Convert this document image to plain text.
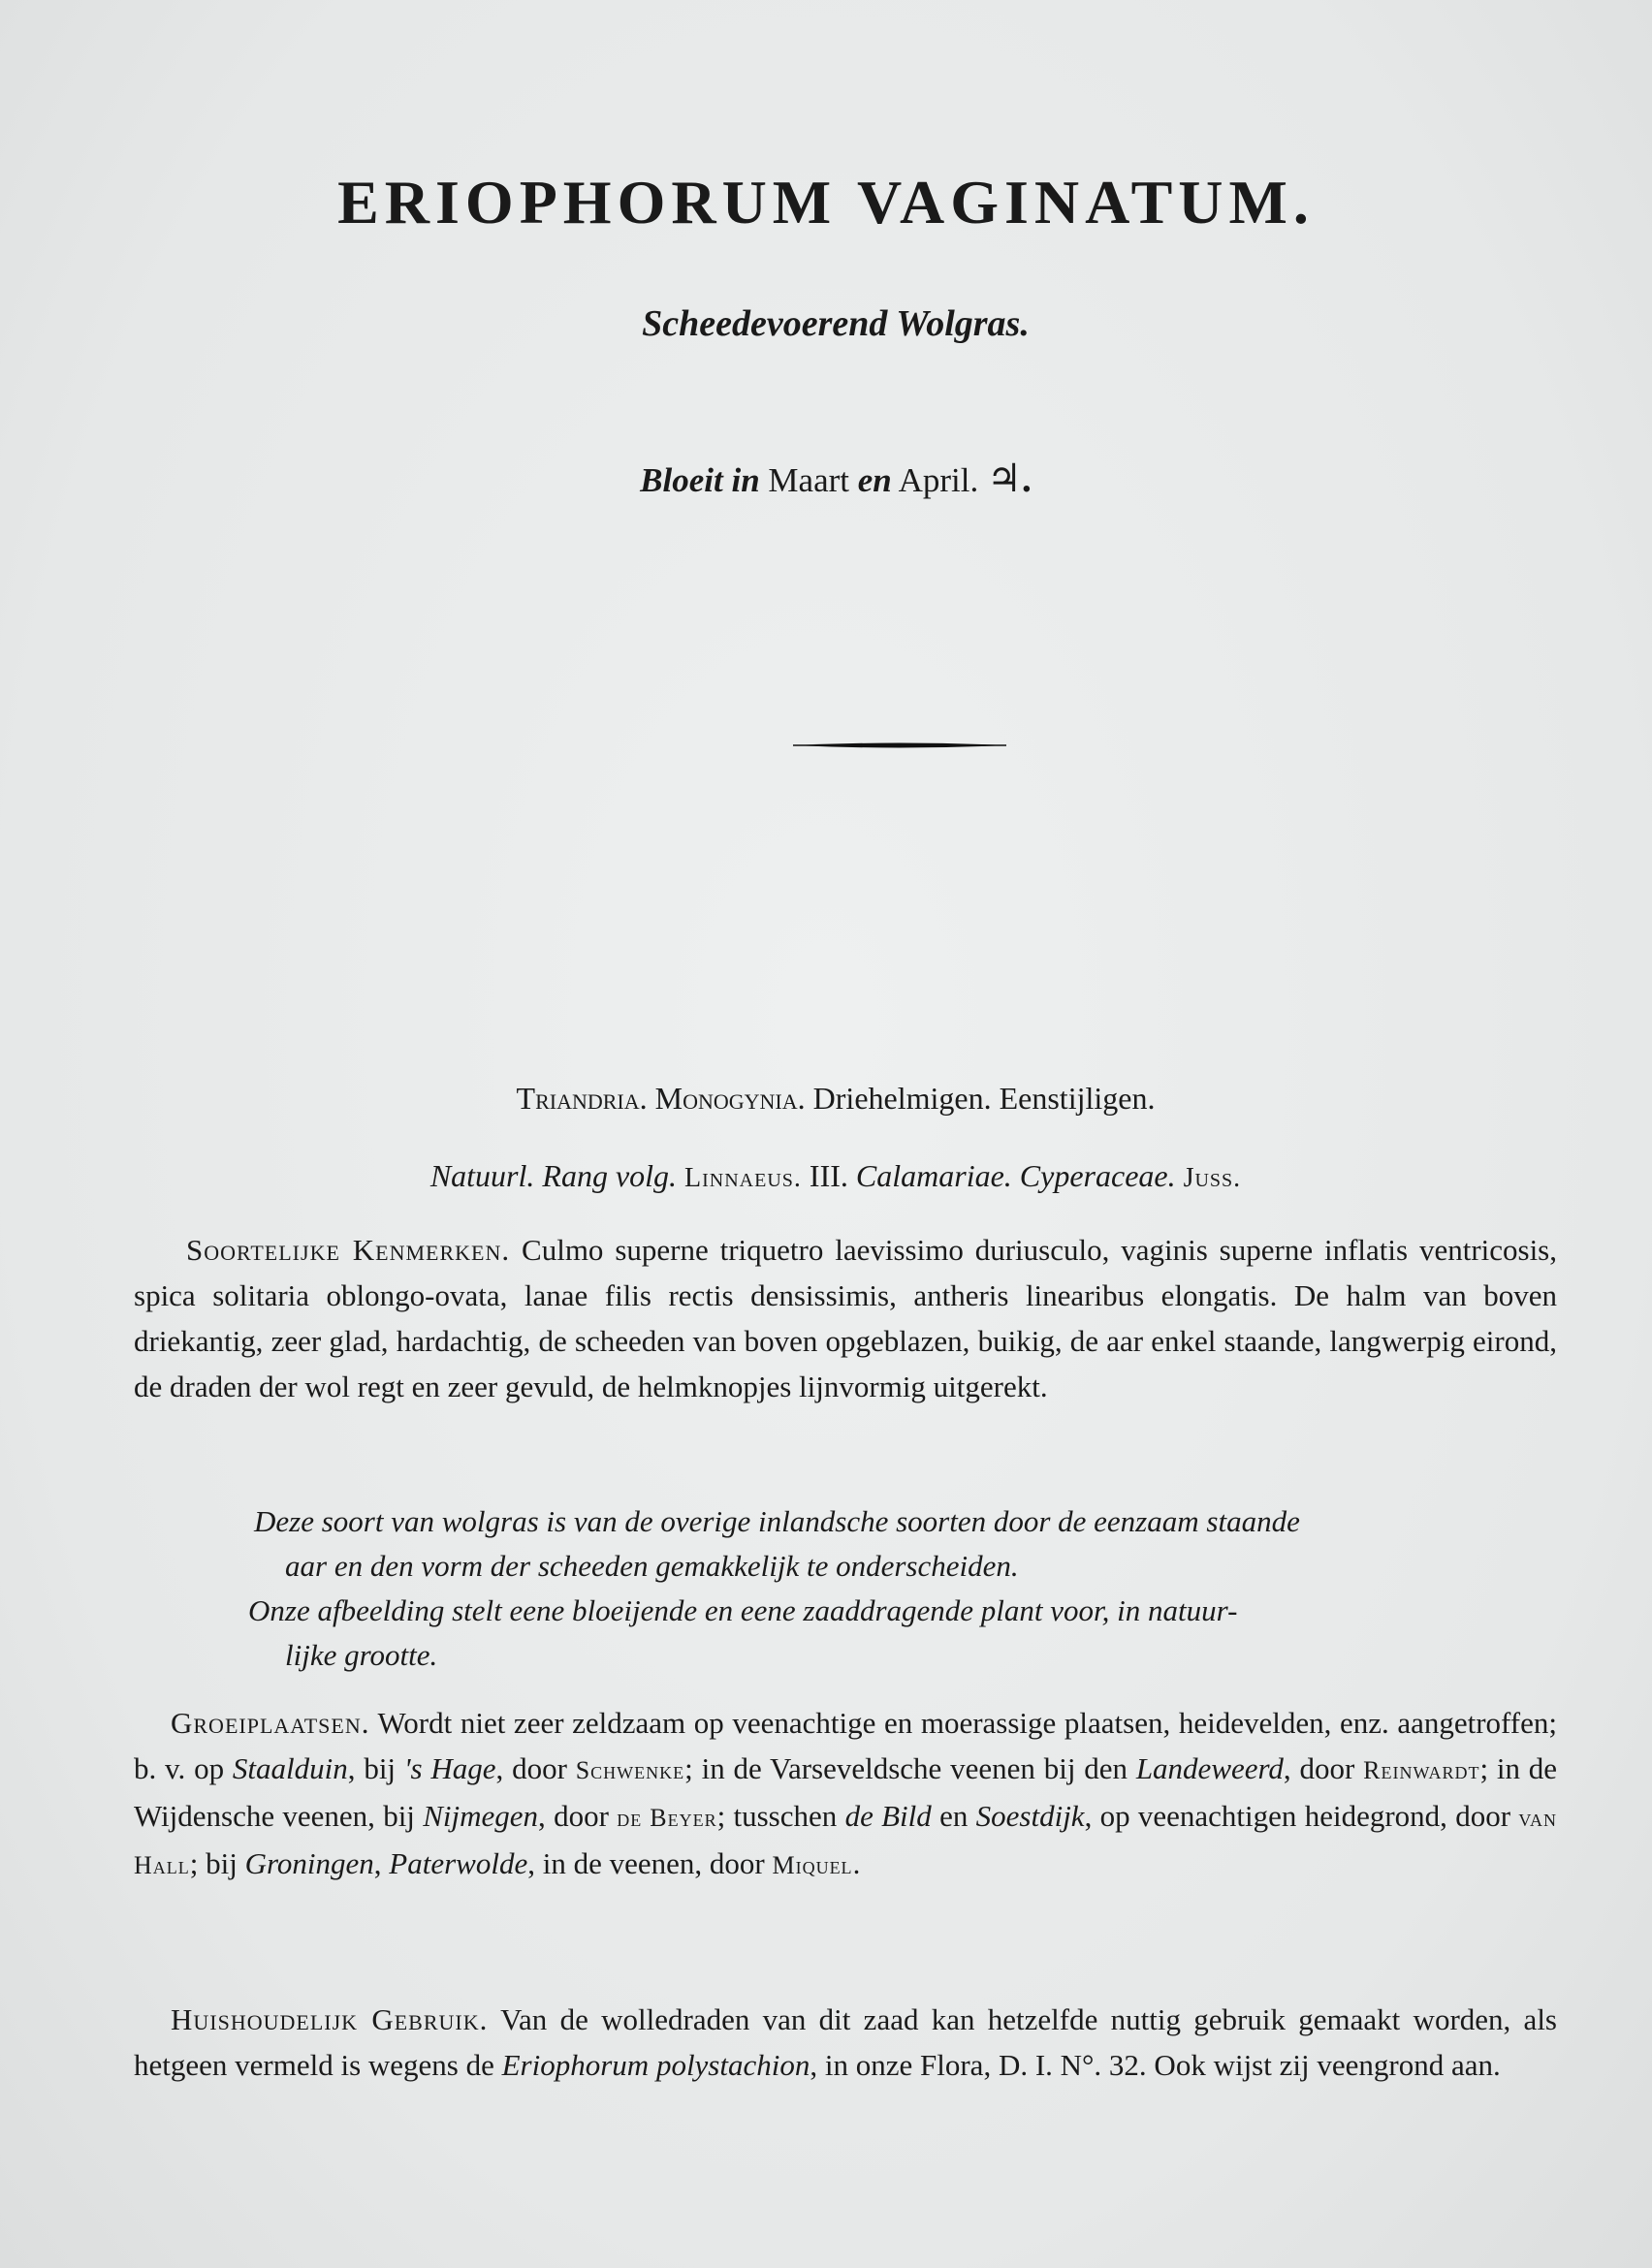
ERIOPHORUM VAGINATUM.
Scheedevoerend Wolgras.
Bloeit in Maart en April. ♃.
Triandria. Monogynia. Driehelmigen. Eenstijligen.
Natuurl. Rang volg. Linnaeus. III. Calamariae. Cyperaceae. Juss.
Soortelijke Kenmerken. Culmo superne triquetro laevissimo duriusculo, vaginis superne inflatis ventricosis, spica solitaria oblongo-ovata, lanae filis rectis densissimis, antheris linearibus elongatis. De halm van boven driekantig, zeer glad, hardachtig, de scheeden van boven opgeblazen, buikig, de aar enkel staande, langwerpig eirond, de draden der wol regt en zeer gevuld, de helmknopjes lijnvormig uitgerekt.
Deze soort van wolgras is van de overige inlandsche soorten door de eenzaam staande
aar en den vorm der scheeden gemakkelijk te onderscheiden.
Onze afbeelding stelt eene bloeijende en eene zaaddragende plant voor, in natuur-
lijke grootte.
Groeiplaatsen. Wordt niet zeer zeldzaam op veenachtige en moerassige plaatsen, heidevelden, enz. aangetroffen; b. v. op Staalduin, bij 's Hage, door Schwenke; in de Varseveldsche veenen bij den Landeweerd, door Reinwardt; in de Wijdensche veenen, bij Nijmegen, door de Beyer; tusschen de Bild en Soestdijk, op veenachtigen heidegrond, door van Hall; bij Groningen, Paterwolde, in de veenen, door Miquel.
Huishoudelijk Gebruik. Van de wolledraden van dit zaad kan hetzelfde nuttig gebruik gemaakt worden, als hetgeen vermeld is wegens de Eriophorum polystachion, in onze Flora, D. I. N°. 32. Ook wijst zij veengrond aan.
